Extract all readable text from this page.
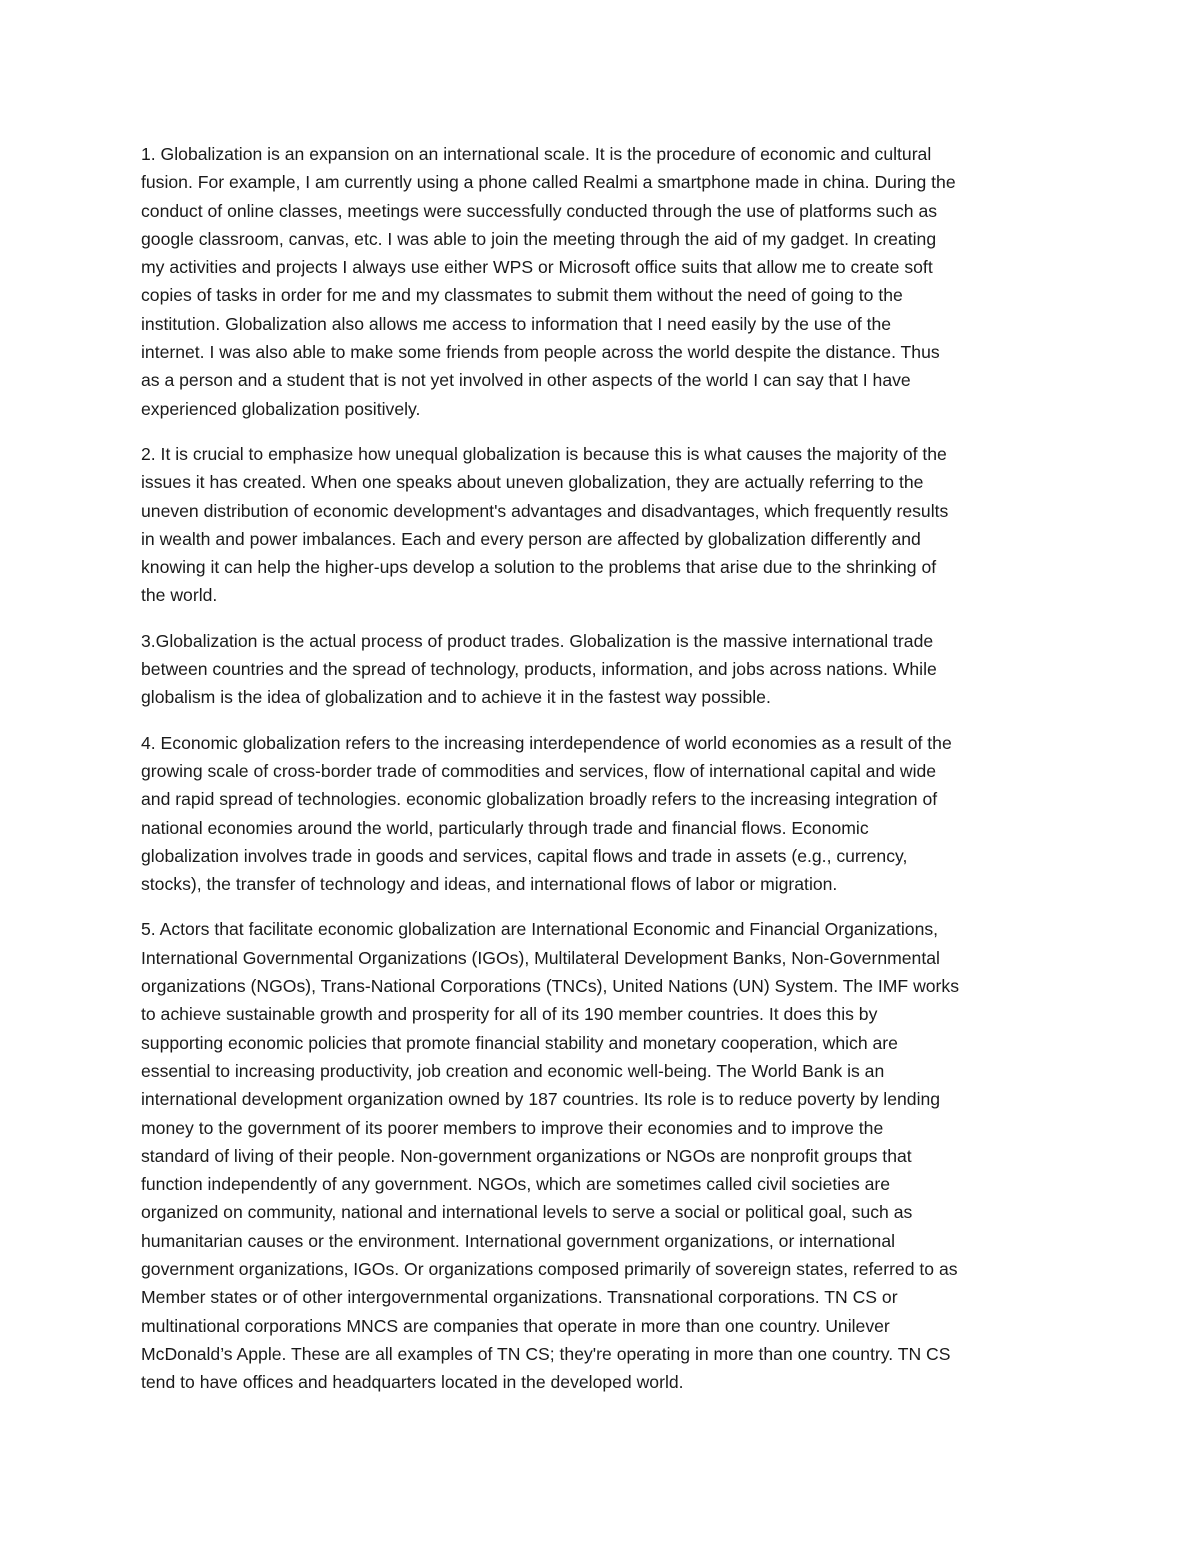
1. Globalization is an expansion on an international scale. It is the procedure of economic and cultural
fusion. For example, I am currently using a phone called Realmi a smartphone made in china. During the
conduct of online classes, meetings were successfully conducted through the use of platforms such as
google classroom, canvas, etc. I was able to join the meeting through the aid of my gadget. In creating
my activities and projects I always use either WPS or Microsoft office suits that allow me to create soft
copies of tasks in order for me and my classmates to submit them without the need of going to the
institution. Globalization also allows me access to information that I need easily by the use of the
internet. I was also able to make some friends from people across the world despite the distance. Thus
as a person and a student that is not yet involved in other aspects of the world I can say that I have
experienced globalization positively.

2. It is crucial to emphasize how unequal globalization is because this is what causes the majority of the
issues it has created. When one speaks about uneven globalization, they are actually referring to the
uneven distribution of economic development's advantages and disadvantages, which frequently results
in wealth and power imbalances. Each and every person are affected by globalization differently and
knowing it can help the higher-ups develop a solution to the problems that arise due to the shrinking of
the world.

3.Globalization is the actual process of product trades. Globalization is the massive international trade
between countries and the spread of technology, products, information, and jobs across nations. While
globalism is the idea of globalization and to achieve it in the fastest way possible.

4. Economic globalization refers to the increasing interdependence of world economies as a result of the
growing scale of cross-border trade of commodities and services, flow of international capital and wide
and rapid spread of technologies. economic globalization broadly refers to the increasing integration of
national economies around the world, particularly through trade and financial flows. Economic
globalization involves trade in goods and services, capital flows and trade in assets (e.g., currency,
stocks), the transfer of technology and ideas, and international flows of labor or migration.

5. Actors that facilitate economic globalization are International Economic and Financial Organizations,
International Governmental Organizations (IGOs), Multilateral Development Banks, Non-Governmental
organizations (NGOs), Trans-National Corporations (TNCs), United Nations (UN) System. The IMF works
to achieve sustainable growth and prosperity for all of its 190 member countries. It does this by
supporting economic policies that promote financial stability and monetary cooperation, which are
essential to increasing productivity, job creation and economic well-being. The World Bank is an
international development organization owned by 187 countries. Its role is to reduce poverty by lending
money to the government of its poorer members to improve their economies and to improve the
standard of living of their people. Non-government organizations or NGOs are nonprofit groups that
function independently of any government. NGOs, which are sometimes called civil societies are
organized on community, national and international levels to serve a social or political goal, such as
humanitarian causes or the environment. International government organizations, or international
government organizations, IGOs. Or organizations composed primarily of sovereign states, referred to as
Member states or of other intergovernmental organizations. Transnational corporations. TN CS or
multinational corporations MNCS are companies that operate in more than one country. Unilever
McDonald’s Apple. These are all examples of TN CS; they're operating in more than one country. TN CS
tend to have offices and headquarters located in the developed world.
